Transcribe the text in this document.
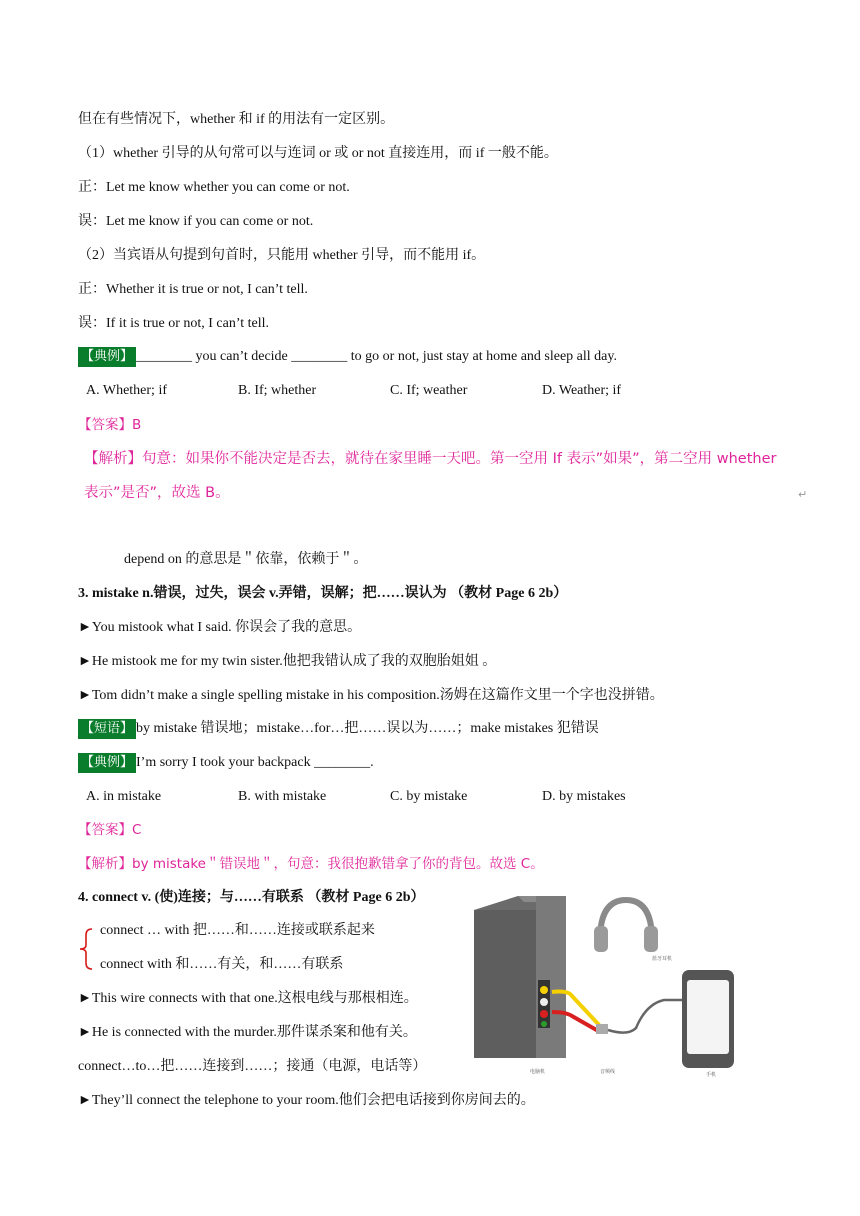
但在有些情况下，whether 和 if 的用法有一定区别。
（1）whether 引导的从句常可以与连词 or 或 or not 直接连用，而 if 一般不能。
正：Let me know whether you can come or not.
误：Let me know if you can come or not.
（2）当宾语从句提到句首时，只能用 whether 引导，而不能用 if。
正：Whether it is true or not, I can’t tell.
误：If it is true or not, I can’t tell.
【典例】 ________ you can’t decide ________ to go or not, just stay at home and sleep all day.
A. Whether; if	B. If; whether	C. If; weather	D. Weather; if
【答案】B
【解析】句意：如果你不能决定是否去，就待在家里睡一天吧。第一空用 If 表示”如果”，第二空用 whether
表示”是否”，故选 B。	↵
depend on 的意思是＂依靠，依赖于＂。
3. mistake n.错误，过失，误会 v.弄错，误解；把……误认为 （教材 Page 6 2b）
►You mistook what I said. 你误会了我的意思。
►He mistook me for my twin sister.他把我错认成了我的双胞胎姐姐 。
►Tom didn’t make a single spelling mistake in his composition.汤姆在这篇作文里一个字也没拼错。
【短语】 by mistake 错误地；mistake…for…把……误以为……；make mistakes 犯错误
【典例】 I’m sorry I took your backpack ________.
A. in mistake	B. with mistake	C. by mistake	D. by mistakes
【答案】C
【解析】by mistake＂错误地＂，句意：我很抱歉错拿了你的背包。故选 C。
4. connect v. (使)连接；与……有联系 （教材 Page 6 2b）
connect … with 把……和……连接或联系起来
connect with 和……有关，和……有联系
►This wire connects with that one.这根电线与那根相连。
►He is connected with the murder.那件谋杀案和他有关。
connect…to…把……连接到……；接通（电源，电话等）
►They’ll connect the telephone to your room.他们会把电话接到你房间去的。
电脑机
蓝牙耳机
音频线	手机
